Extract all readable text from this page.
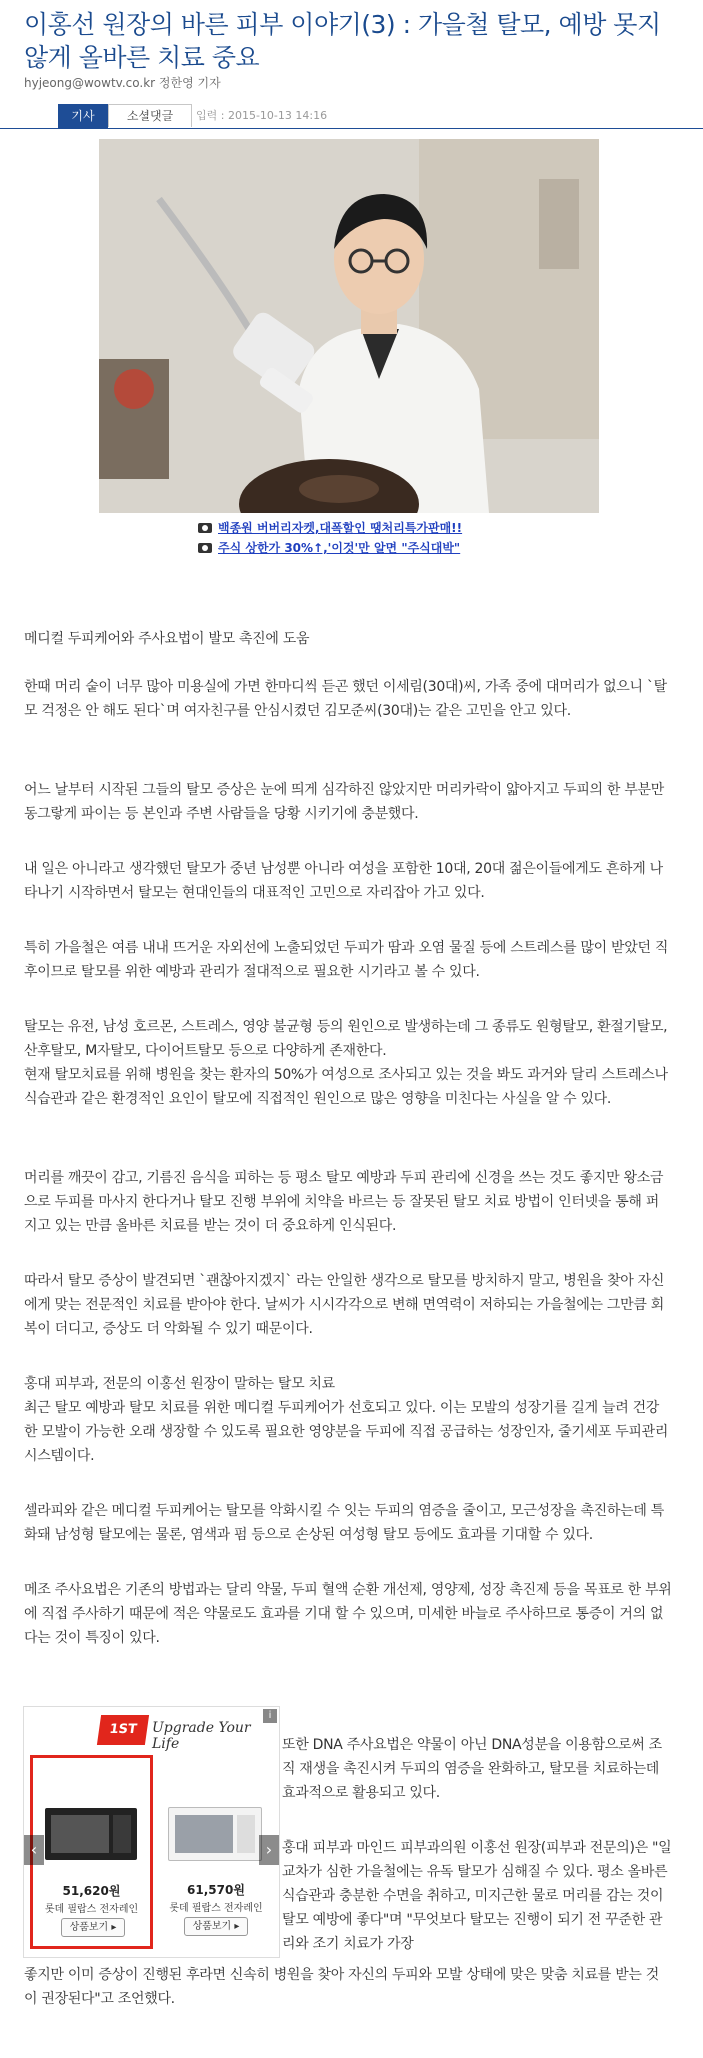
이홍선 원장의 바른 피부 이야기(3) : 가을철 탈모, 예방 못지 않게 올바른 치료 중요
hyjeong@wowtv.co.kr 정한영 기자
기사	소셜댓글	입력 : 2015-10-13 14:16
백종원 버버리자켓,대폭할인 땡처리특가판매!!
주식 상한가 30%↑,'이것'만 알면 "주식대박"

메디컬 두피케어와 주사요법이 발모 촉진에 도움

한때 머리 숱이 너무 많아 미용실에 가면 한마디씩 듣곤 했던 이세림(30대)씨, 가족 중에 대머리가 없으니 `탈모 걱정은 안 해도 된다`며 여자친구를 안심시켰던 김모준씨(30대)는 같은 고민을 안고 있다.

어느 날부터 시작된 그들의 탈모 증상은 눈에 띄게 심각하진 않았지만 머리카락이 얇아지고 두피의 한 부분만 동그랗게 파이는 등 본인과 주변 사람들을 당황 시키기에 충분했다.

내 일은 아니라고 생각했던 탈모가 중년 남성뿐 아니라 여성을 포함한 10대, 20대 젊은이들에게도 흔하게 나타나기 시작하면서 탈모는 현대인들의 대표적인 고민으로 자리잡아 가고 있다.

특히 가을철은 여름 내내 뜨거운 자외선에 노출되었던 두피가 땀과 오염 물질 등에 스트레스를 많이 받았던 직후이므로 탈모를 위한 예방과 관리가 절대적으로 필요한 시기라고 볼 수 있다.

탈모는 유전, 남성 호르몬, 스트레스, 영양 불균형 등의 원인으로 발생하는데 그 종류도 원형탈모, 환절기탈모, 산후탈모, M자탈모, 다이어트탈모 등으로 다양하게 존재한다.

현재 탈모치료를 위해 병원을 찾는 환자의 50%가 여성으로 조사되고 있는 것을 봐도 과거와 달리 스트레스나 식습관과 같은 환경적인 요인이 탈모에 직접적인 원인으로 많은 영향을 미친다는 사실을 알 수 있다.

머리를 깨끗이 감고, 기름진 음식을 피하는 등 평소 탈모 예방과 두피 관리에 신경을 쓰는 것도 좋지만 왕소금으로 두피를 마사지 한다거나 탈모 진행 부위에 치약을 바르는 등 잘못된 탈모 치료 방법이 인터넷을 통해 퍼지고 있는 만큼 올바른 치료를 받는 것이 더 중요하게 인식된다.

따라서 탈모 증상이 발견되면 `괜찮아지겠지` 라는 안일한 생각으로 탈모를 방치하지 말고, 병원을 찾아 자신에게 맞는 전문적인 치료를 받아야 한다. 날씨가 시시각각으로 변해 면역력이 저하되는 가을철에는 그만큼 회복이 더디고, 증상도 더 악화될 수 있기 때문이다.

홍대 피부과, 전문의 이홍선 원장이 말하는 탈모 치료

최근 탈모 예방과 탈모 치료를 위한 메디컬 두피케어가 선호되고 있다. 이는 모발의 성장기를 길게 늘려 건강한 모발이 가능한 오래 생장할 수 있도록 필요한 영양분을 두피에 직접 공급하는 성장인자, 줄기세포 두피관리 시스템이다.

셀라피와 같은 메디컬 두피케어는 탈모를 악화시킬 수 잇는 두피의 염증을 줄이고, 모근성장을 촉진하는데 특화돼 남성형 탈모에는 물론, 염색과 펌 등으로 손상된 여성형 탈모 등에도 효과를 기대할 수 있다.

메조 주사요법은 기존의 방법과는 달리 약물, 두피 혈액 순환 개선제, 영양제, 성장 촉진제 등을 목표로 한 부위에 직접 주사하기 때문에 적은 약물로도 효과를 기대 할 수 있으며, 미세한 바늘로 주사하므로 통증이 거의 없다는 것이 특징이 있다.

또한 DNA 주사요법은 약물이 아닌 DNA성분을 이용함으로써 조직 재생을 촉진시켜 두피의 염증을 완화하고, 탈모를 치료하는데 효과적으로 활용되고 있다.

홍대 피부과 마인드 피부과의원 이홍선 원장(피부과 전문의)은 "일교차가 심한 가을철에는 유독 탈모가 심해질 수 있다. 평소 올바른 식습관과 충분한 수면을 취하고, 미지근한 물로 머리를 감는 것이 탈모 예방에 좋다"며 "무엇보다 탈모는 진행이 되기 전 꾸준한 관리와 조기 치료가 가장

좋지만 이미 증상이 진행된 후라면 신속히 병원을 찾아 자신의 두피와 모발 상태에 맞은 맞춤 치료를 받는 것이 권장된다"고 조언했다.

1ST	Upgrade Your Life
i
51,620원
롯데 필랍스 전자레인
상품보기 ▸
61,570원
롯데 필랍스 전자레인
상품보기 ▸
‹	›
